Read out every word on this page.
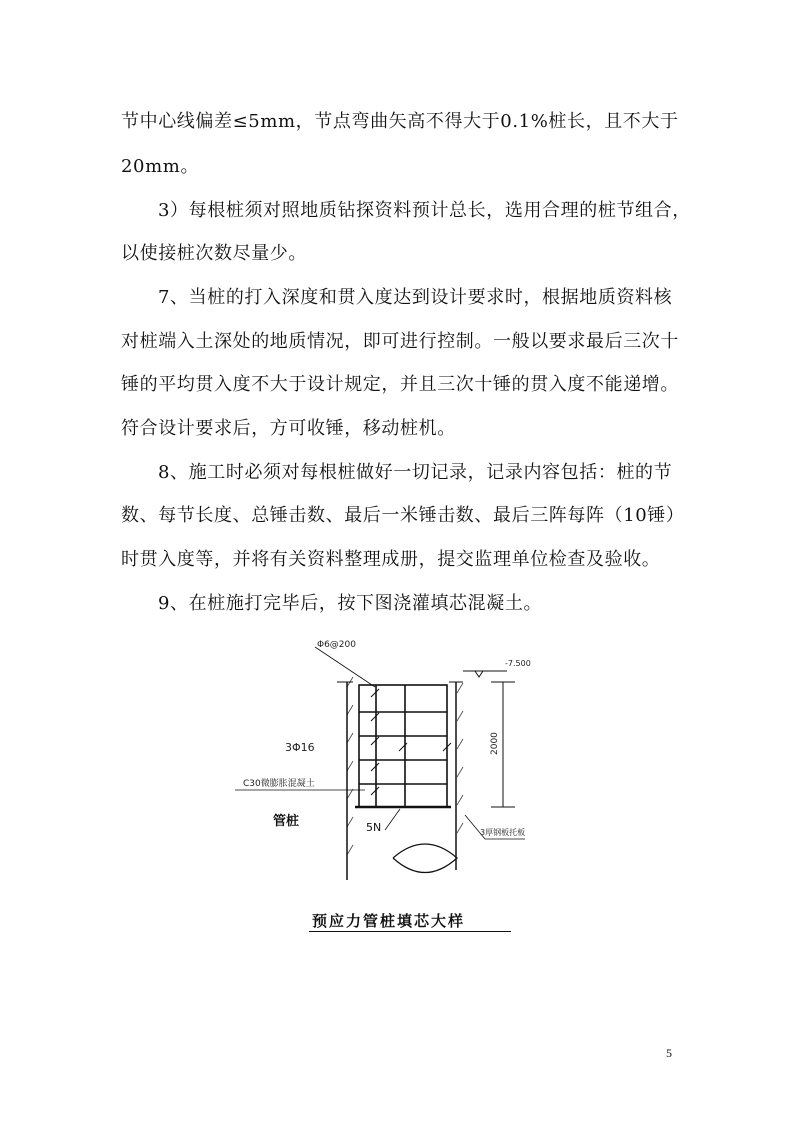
节中心线偏差≤5mm，节点弯曲矢高不得大于0.1%桩长，且不大于
20mm。
3）每根桩须对照地质钻探资料预计总长，选用合理的桩节组合，
以使接桩次数尽量少。
7、当桩的打入深度和贯入度达到设计要求时，根据地质资料核
对桩端入土深处的地质情况，即可进行控制。一般以要求最后三次十
锤的平均贯入度不大于设计规定，并且三次十锤的贯入度不能递增。
符合设计要求后，方可收锤，移动桩机。
8、施工时必须对每根桩做好一切记录，记录内容包括：桩的节
数、每节长度、总锤击数、最后一米锤击数、最后三阵每阵（10锤）
时贯入度等，并将有关资料整理成册，提交监理单位检查及验收。
9、在桩施打完毕后，按下图浇灌填芯混凝土。
Φ6@200
-7.500
3Φ16
C30微膨胀混凝土
管桩	5N	3厚钢板托板
2000
预应力管桩填芯大样
5
